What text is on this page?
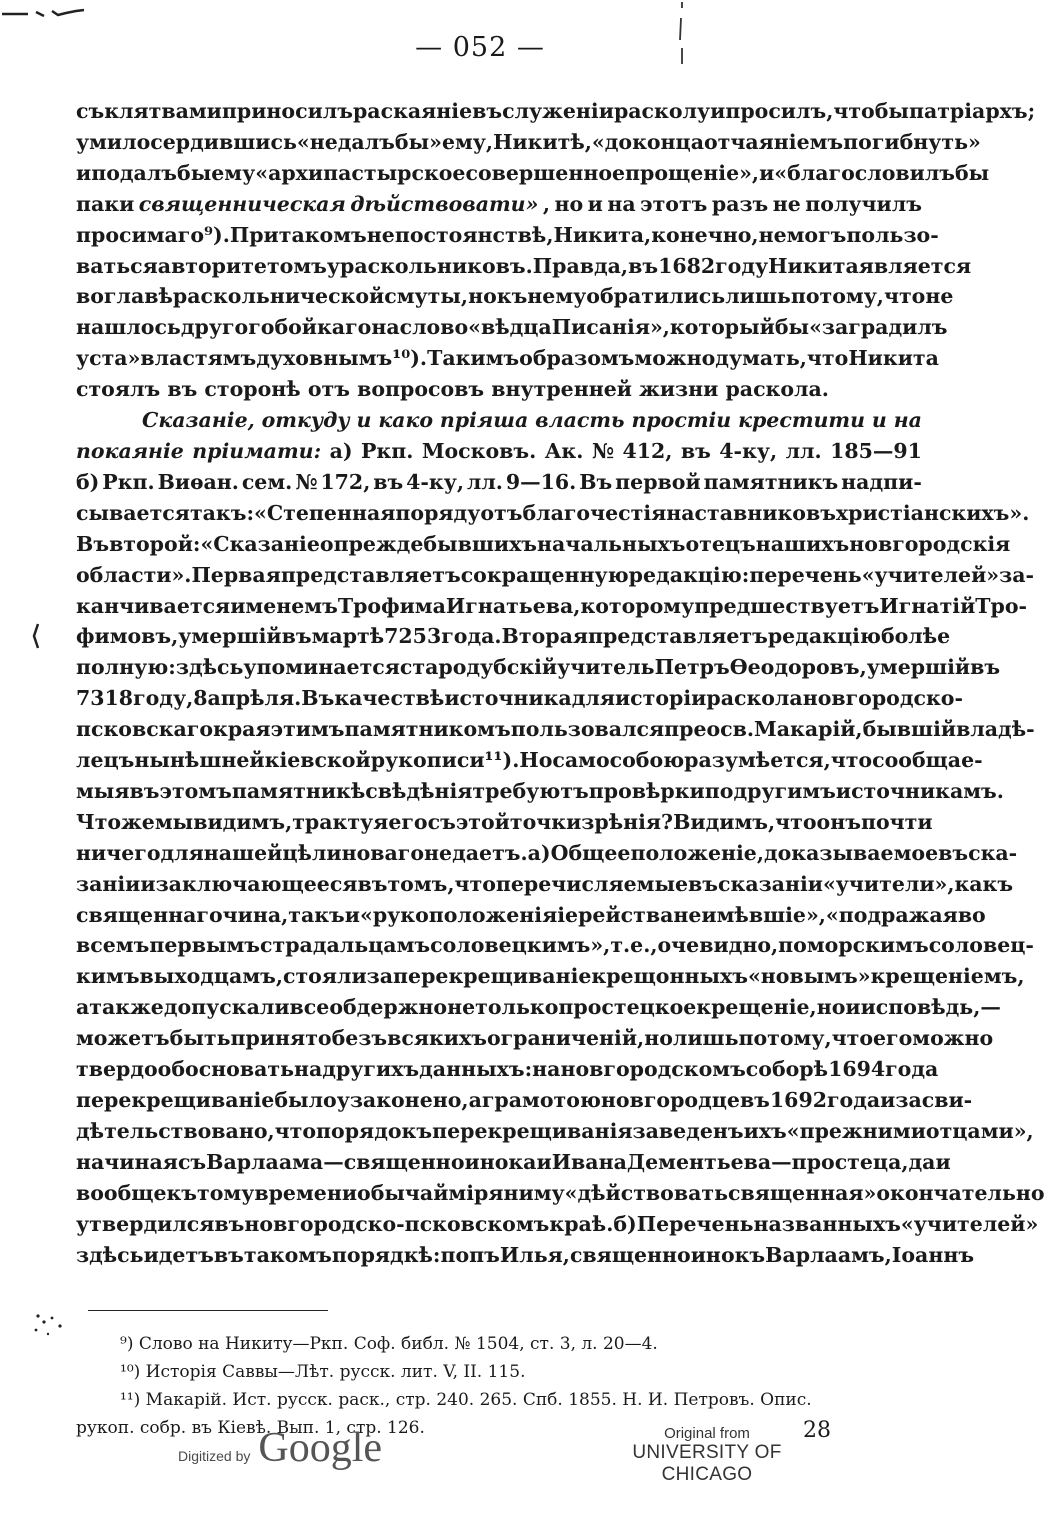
— 052 —
съ клятвами приносилъ раскаяніе въ служеніи расколу и просилъ, чтобы патріархъ;
умилосердившись «не далъ бы» ему, Никитѣ, «до конца отчаяніемъ погибнуть»
и подалъ бы ему «архипастырское совершенное прощеніе», и «благословилъ бы
паки священническая дѣйствовати» , но и на этотъ разъ не получилъ
просимаго ⁹). При такомъ непостоянствѣ, Никита, конечно, не могъ пользо-
ваться авторитетомъ у раскольниковъ. Правда, въ 1682 году Никита является
во главѣ раскольнической смуты, но къ нему обратились лишь потому, что не
нашлось другого бойкаго на слово «вѣдца Писанія», который бы «заградилъ
уста» властямъ духовнымъ ¹⁰). Такимъ образомъ можно думать, что Никита
стоялъ въ сторонѣ отъ вопросовъ внутренней жизни раскола.
Сказаніе, откуду и како пріяша власть простіи крестити и на
покаяніе пріимати: а) Ркп. Московъ. Ак. № 412, въ 4-ку, лл. 185—91
б) Ркп. Виѳан. сем. № 172, въ 4-ку, лл. 9—16. Въ первой памятникъ надпи-
сывается такъ: «Степенная по ряду отъ благочестія наставниковъ христіанскихъ».
Въ второй: «Сказаніе о прежде бывшихъ начальныхъ отецъ нашихъ новгородскія
области». Первая представляетъ сокращенную редакцію: перечень «учителей» за-
канчивается именемъ Трофима Игнатьева, которому предшествуетъ Игнатій Тро-
фимовъ, умершій въ мартѣ 7253 года. Вторая представляетъ редакцію болѣе
полную: здѣсь упоминается стародубскій учитель Петръ Ѳеодоровъ, умершій въ
7318 году, 8 апрѣля. Въ качествѣ источника для исторіи раскола новгородско-
псковскаго края этимъ памятникомъ пользовался преосв. Макарій, бывшій владѣ-
лецъ нынѣшней кіевской рукописи ¹¹). Но само собою разумѣется, что сообщае-
мыя въ этомъ памятникѣ свѣдѣнія требуютъ провѣрки по другимъ источникамъ.
Что же мы видимъ, трактуя его съ этой точки зрѣнія? Видимъ, что онъ почти
ничего для нашей цѣли новаго не даетъ. а) Общее положеніе, доказываемое въ ска-
заніи и заключающееся въ томъ, что перечисляемые въ сказаніи «учители», какъ
священнаго чина, такъ и «рукоположенія іерейства не имѣвшіе», «подражая во
всемъ первымъ страдальцамъ соловецкимъ», т. е., очевидно, поморскимъ соловец-
кимъ выходцамъ, стояли за перекрещиваніе крещонныхъ «новымъ» крещеніемъ,
а также допускали всеобдержно не только простецкое крещеніе, но и исповѣдь,—
можетъ быть принято безъ всякихъ ограниченій, но лишь потому, что его можно
твердо обосновать на другихъ данныхъ: на новгородскомъ соборѣ 1694 года
перекрещиваніе было узаконено, а грамотою новгородцевъ 1692 года и засви-
дѣтельствовано, что порядокъ перекрещиванія заведенъ ихъ «прежними отцами»,
начиная съ Варлаама—священноинока и Ивана Дементьева—простеца, да и
вообще къ тому времени обычай міряниму «дѣйствовать священная» окончательно
утвердился въ новгородско-псковскомъ краѣ. б) Перечень названныхъ «учителей»
здѣсь идетъ въ такомъ порядкѣ: попъ Илья, священноинокъ Варлаамъ, Іоаннъ
⁹) Слово на Никиту—Ркп. Соф. библ. № 1504, ст. 3, л. 20—4.
¹⁰) Исторія Саввы—Лѣт. русск. лит. V, II. 115.
¹¹) Макарій. Ист. русск. раск., стр. 240. 265. Спб. 1855. Н. И. Петровъ. Опис.
рукоп. собр. въ Кіевѣ. Вып. 1, стр. 126.	28
Digitized by Google	Original from
UNIVERSITY OF CHICAGO
